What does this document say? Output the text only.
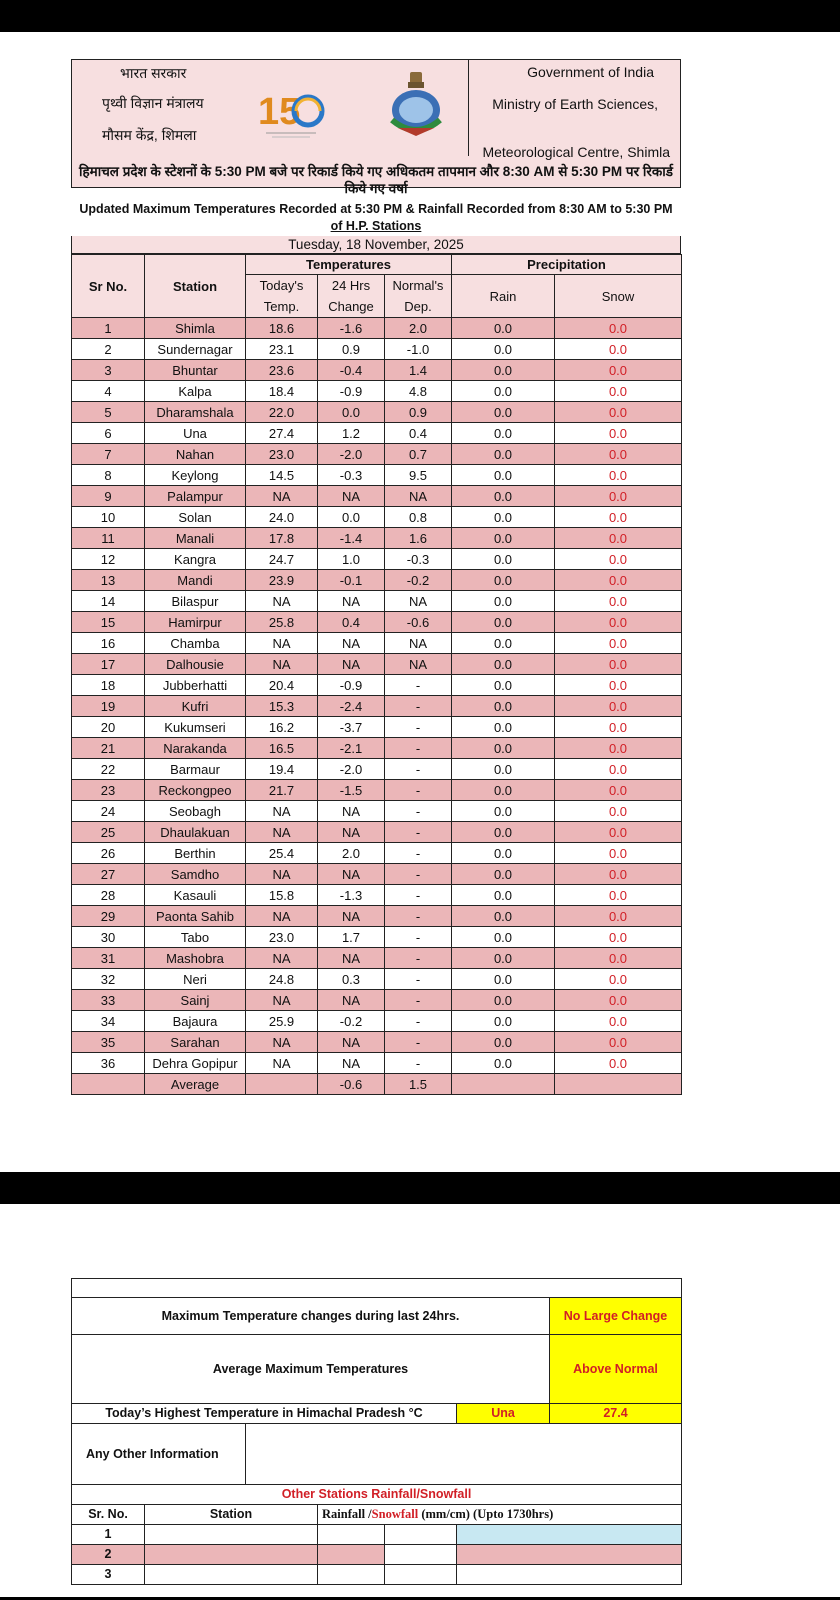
भारत सरकार
पृथ्वी विज्ञान मंत्रालय
मौसम केंद्र, शिमला
15
Government of India
Ministry of Earth Sciences,
Meteorological Centre, Shimla
हिमाचल प्रदेश के स्टेशनों के 5:30 PM बजे पर रिकार्ड किये गए अधिकतम तापमान और 8:30 AM से 5:30 PM पर रिकार्ड किये गए वर्षा
Updated Maximum Temperatures Recorded at 5:30 PM & Rainfall Recorded from 8:30 AM to 5:30 PM
of H.P. Stations
Tuesday, 18 November, 2025
Sr No.	Station	Temperatures			Precipitation	
		Today's	24 Hrs	Normal's	Rain	Snow
		Temp.	Change	Dep.		
1	Shimla	18.6	-1.6	2.0	0.0	0.0
2	Sundernagar	23.1	0.9	-1.0	0.0	0.0
3	Bhuntar	23.6	-0.4	1.4	0.0	0.0
4	Kalpa	18.4	-0.9	4.8	0.0	0.0
5	Dharamshala	22.0	0.0	0.9	0.0	0.0
6	Una	27.4	1.2	0.4	0.0	0.0
7	Nahan	23.0	-2.0	0.7	0.0	0.0
8	Keylong	14.5	-0.3	9.5	0.0	0.0
9	Palampur	NA	NA	NA	0.0	0.0
10	Solan	24.0	0.0	0.8	0.0	0.0
11	Manali	17.8	-1.4	1.6	0.0	0.0
12	Kangra	24.7	1.0	-0.3	0.0	0.0
13	Mandi	23.9	-0.1	-0.2	0.0	0.0
14	Bilaspur	NA	NA	NA	0.0	0.0
15	Hamirpur	25.8	0.4	-0.6	0.0	0.0
16	Chamba	NA	NA	NA	0.0	0.0
17	Dalhousie	NA	NA	NA	0.0	0.0
18	Jubberhatti	20.4	-0.9	-	0.0	0.0
19	Kufri	15.3	-2.4	-	0.0	0.0
20	Kukumseri	16.2	-3.7	-	0.0	0.0
21	Narakanda	16.5	-2.1	-	0.0	0.0
22	Barmaur	19.4	-2.0	-	0.0	0.0
23	Reckongpeo	21.7	-1.5	-	0.0	0.0
24	Seobagh	NA	NA	-	0.0	0.0
25	Dhaulakuan	NA	NA	-	0.0	0.0
26	Berthin	25.4	2.0	-	0.0	0.0
27	Samdho	NA	NA	-	0.0	0.0
28	Kasauli	15.8	-1.3	-	0.0	0.0
29	Paonta Sahib	NA	NA	-	0.0	0.0
30	Tabo	23.0	1.7	-	0.0	0.0
31	Mashobra	NA	NA	-	0.0	0.0
32	Neri	24.8	0.3	-	0.0	0.0
33	Sainj	NA	NA	-	0.0	0.0
34	Bajaura	25.9	-0.2	-	0.0	0.0
35	Sarahan	NA	NA	-	0.0	0.0
36	Dehra Gopipur	NA	NA	-	0.0	0.0
	Average		-0.6	1.5		

Maximum Temperature changes during last 24hrs.						No Large Change
Average Maximum Temperatures						Above Normal
Today’s Highest Temperature in Himachal Pradesh °C					Una	27.4
Any Other Information						
Other Stations Rainfall/Snowfall						
Sr. No.	Station		Rainfall /Snowfall (mm/cm) (Upto 1730hrs)			
1						
2						
3						
